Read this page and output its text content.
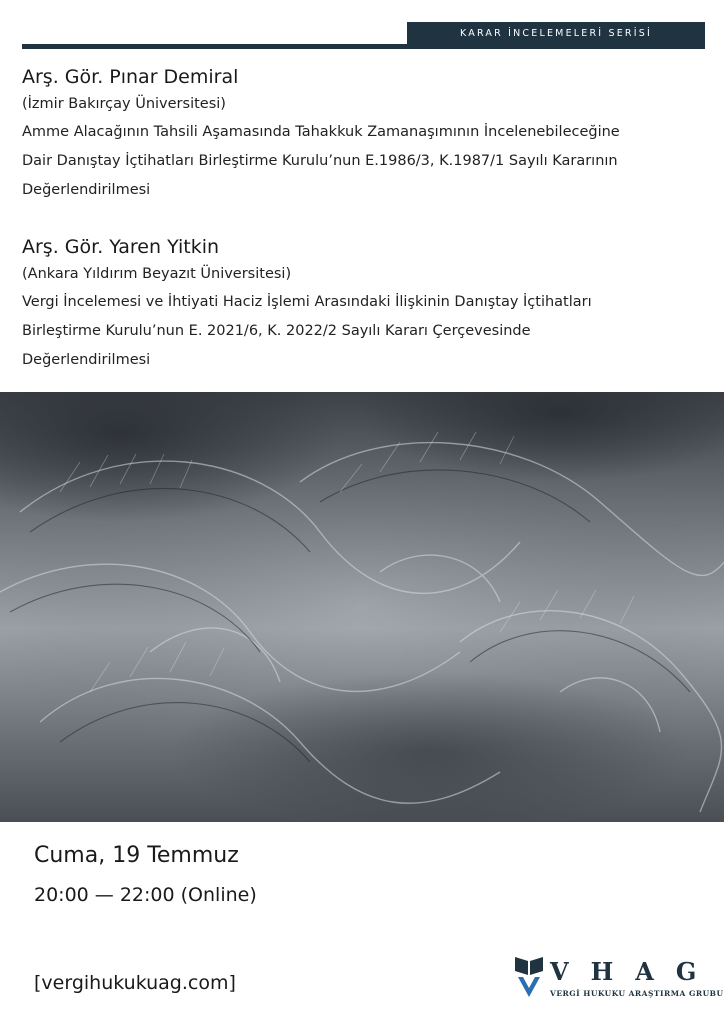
KARAR İNCELEMELERİ SERİSİ
Arş. Gör. Pınar Demiral
(İzmir Bakırçay Üniversitesi)
Amme Alacağının Tahsili Aşamasında Tahakkuk Zamanaşımının İncelenebileceğine
Dair Danıştay İçtihatları Birleştirme Kurulu’nun E.1986/3, K.1987/1 Sayılı Kararının
Değerlendirilmesi
Arş. Gör. Yaren Yitkin
(Ankara Yıldırım Beyazıt Üniversitesi)
Vergi İncelemesi ve İhtiyati Haciz İşlemi Arasındaki İlişkinin Danıştay İçtihatları
Birleştirme Kurulu’nun E. 2021/6, K. 2022/2 Sayılı Kararı Çerçevesinde
Değerlendirilmesi
Cuma, 19 Temmuz
20:00 — 22:00 (Online)
[vergihukukuag.com]	VHAG
VERGİ HUKUKU ARAŞTIRMA GRUBU
